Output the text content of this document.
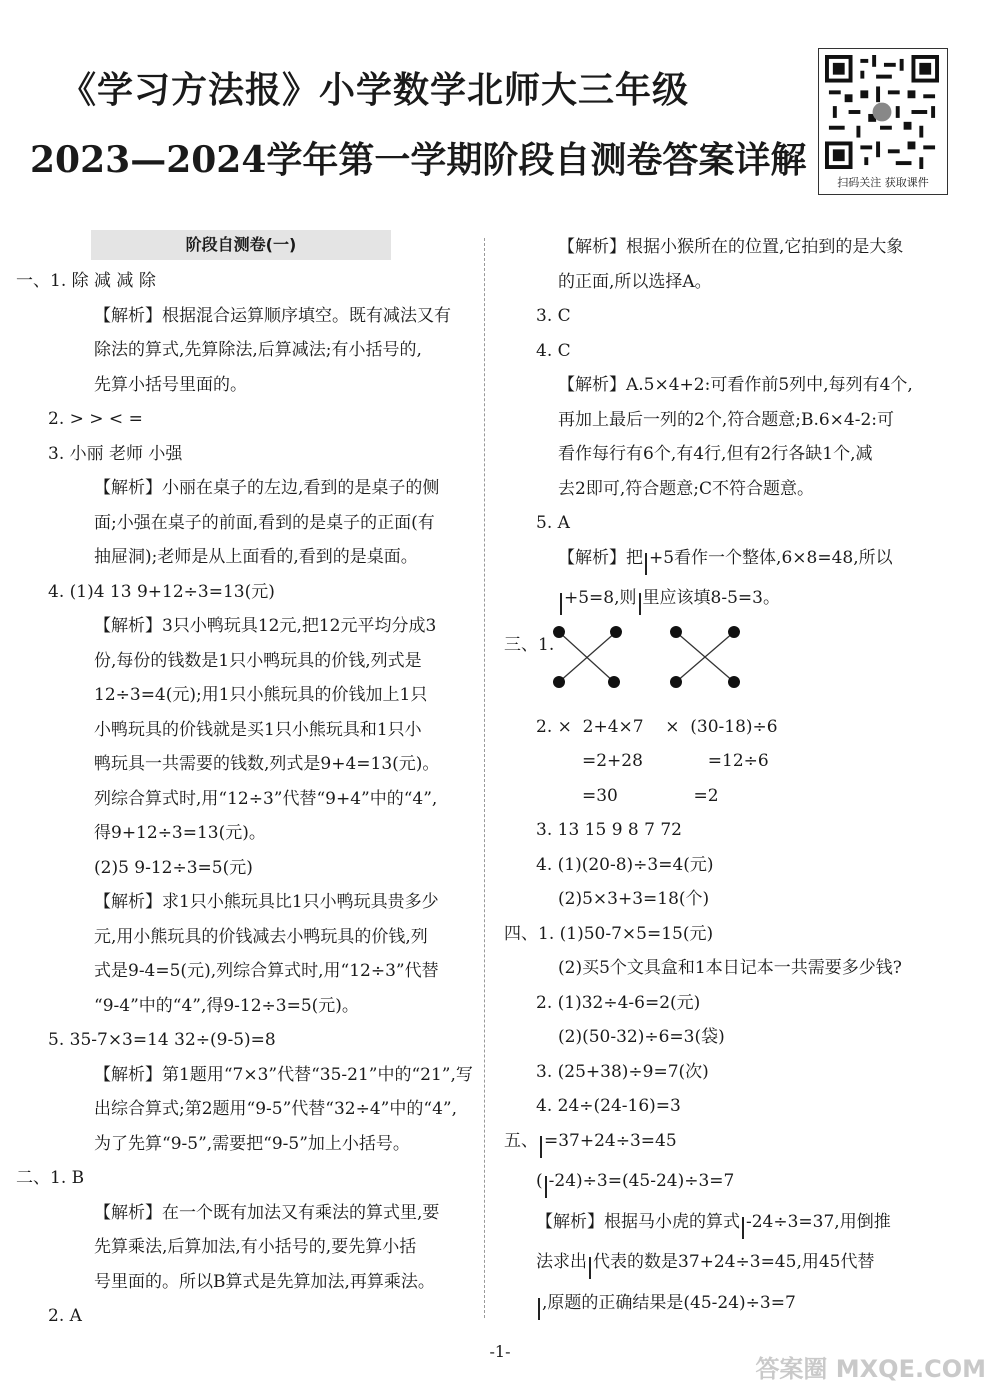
《学习方法报》小学数学北师大三年级
2023—2024学年第一学期阶段自测卷答案详解
扫码关注 获取课件
阶段自测卷(一)
一、1. 除 减 减 除
【解析】根据混合运算顺序填空。既有减法又有
除法的算式,先算除法,后算减法;有小括号的,
先算小括号里面的。
2. > > < =
3. 小丽 老师 小强
【解析】小丽在桌子的左边,看到的是桌子的侧
面;小强在桌子的前面,看到的是桌子的正面(有
抽屉洞);老师是从上面看的,看到的是桌面。
4. (1)4 13 9+12÷3=13(元)
【解析】3只小鸭玩具12元,把12元平均分成3
份,每份的钱数是1只小鸭玩具的价钱,列式是
12÷3=4(元);用1只小熊玩具的价钱加上1只
小鸭玩具的价钱就是买1只小熊玩具和1只小
鸭玩具一共需要的钱数,列式是9+4=13(元)。
列综合算式时,用“12÷3”代替“9+4”中的“4”,
得9+12÷3=13(元)。
(2)5 9-12÷3=5(元)
【解析】求1只小熊玩具比1只小鸭玩具贵多少
元,用小熊玩具的价钱减去小鸭玩具的价钱,列
式是9-4=5(元),列综合算式时,用“12÷3”代替
“9-4”中的“4”,得9-12÷3=5(元)。
5. 35-7×3=14 32÷(9-5)=8
【解析】第1题用“7×3”代替“35-21”中的“21”,写
出综合算式;第2题用“9-5”代替“32÷4”中的“4”,
为了先算“9-5”,需要把“9-5”加上小括号。
二、1. B
【解析】在一个既有加法又有乘法的算式里,要
先算乘法,后算加法,有小括号的,要先算小括
号里面的。所以B算式是先算加法,再算乘法。
2. A
【解析】根据小猴所在的位置,它拍到的是大象
的正面,所以选择A。
3. C
4. C
【解析】A.5×4+2:可看作前5列中,每列有4个,
再加上最后一列的2个,符合题意;B.6×4-2:可
看作每行有6个,有4行,但有2行各缺1个,减
去2即可,符合题意;C不符合题意。
5. A
【解析】把 +5看作一个整体,6×8=48,所以
+5=8,则 里应该填8-5=3。
三、1.
2. ×  2+4×7    ×  (30-18)÷6
=2+28            =12÷6
=30              =2
3. 13 15 9 8 7 72
4. (1)(20-8)÷3=4(元)
(2)5×3+3=18(个)
四、1. (1)50-7×5=15(元)
(2)买5个文具盒和1本日记本一共需要多少钱?
2. (1)32÷4-6=2(元)
(2)(50-32)÷6=3(袋)
3. (25+38)÷9=7(次)
4. 24÷(24-16)=3
五、 =37+24÷3=45
( -24)÷3=(45-24)÷3=7
【解析】根据马小虎的算式 -24÷3=37,用倒推
法求出 代表的数是37+24÷3=45,用45代替
,原题的正确结果是(45-24)÷3=7
-1-
答案圈 MXQE.COM
